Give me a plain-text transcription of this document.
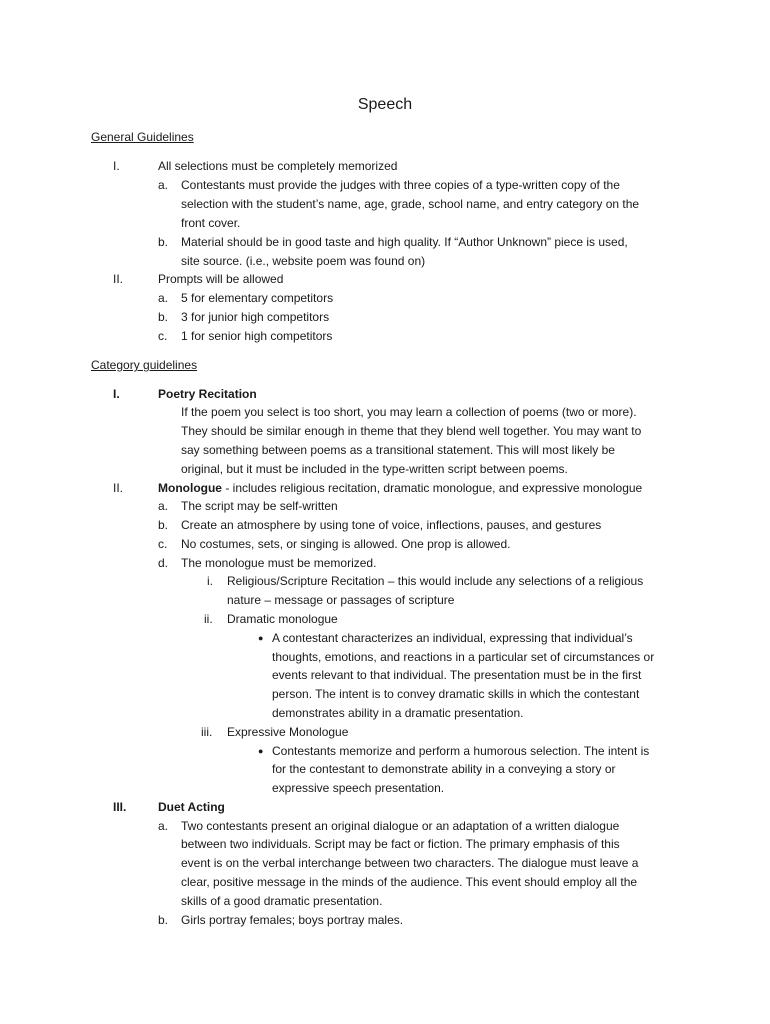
Speech
General Guidelines
I.	All selections must be completely memorized
a. Contestants must provide the judges with three copies of a type-written copy of the
selection with the student’s name, age, grade, school name, and entry category on the
front cover.
b. Material should be in good taste and high quality. If “Author Unknown” piece is used,
site source. (i.e., website poem was found on)
II.	Prompts will be allowed
a. 5 for elementary competitors
b. 3 for junior high competitors
c. 1 for senior high competitors
Category guidelines
I.	Poetry Recitation
If the poem you select is too short, you may learn a collection of poems (two or more).
They should be similar enough in theme that they blend well together. You may want to
say something between poems as a transitional statement. This will most likely be
original, but it must be included in the type-written script between poems.
II.	Monologue - includes religious recitation, dramatic monologue, and expressive monologue
a. The script may be self-written
b. Create an atmosphere by using tone of voice, inflections, pauses, and gestures
c. No costumes, sets, or singing is allowed. One prop is allowed.
d. The monologue must be memorized.
i. Religious/Scripture Recitation – this would include any selections of a religious
nature – message or passages of scripture
ii. Dramatic monologue
● A contestant characterizes an individual, expressing that individual’s
thoughts, emotions, and reactions in a particular set of circumstances or
events relevant to that individual. The presentation must be in the first
person. The intent is to convey dramatic skills in which the contestant
demonstrates ability in a dramatic presentation.
iii. Expressive Monologue
● Contestants memorize and perform a humorous selection. The intent is
for the contestant to demonstrate ability in a conveying a story or
expressive speech presentation.
III.	Duet Acting
a. Two contestants present an original dialogue or an adaptation of a written dialogue
between two individuals. Script may be fact or fiction. The primary emphasis of this
event is on the verbal interchange between two characters. The dialogue must leave a
clear, positive message in the minds of the audience. This event should employ all the
skills of a good dramatic presentation.
b. Girls portray females; boys portray males.
